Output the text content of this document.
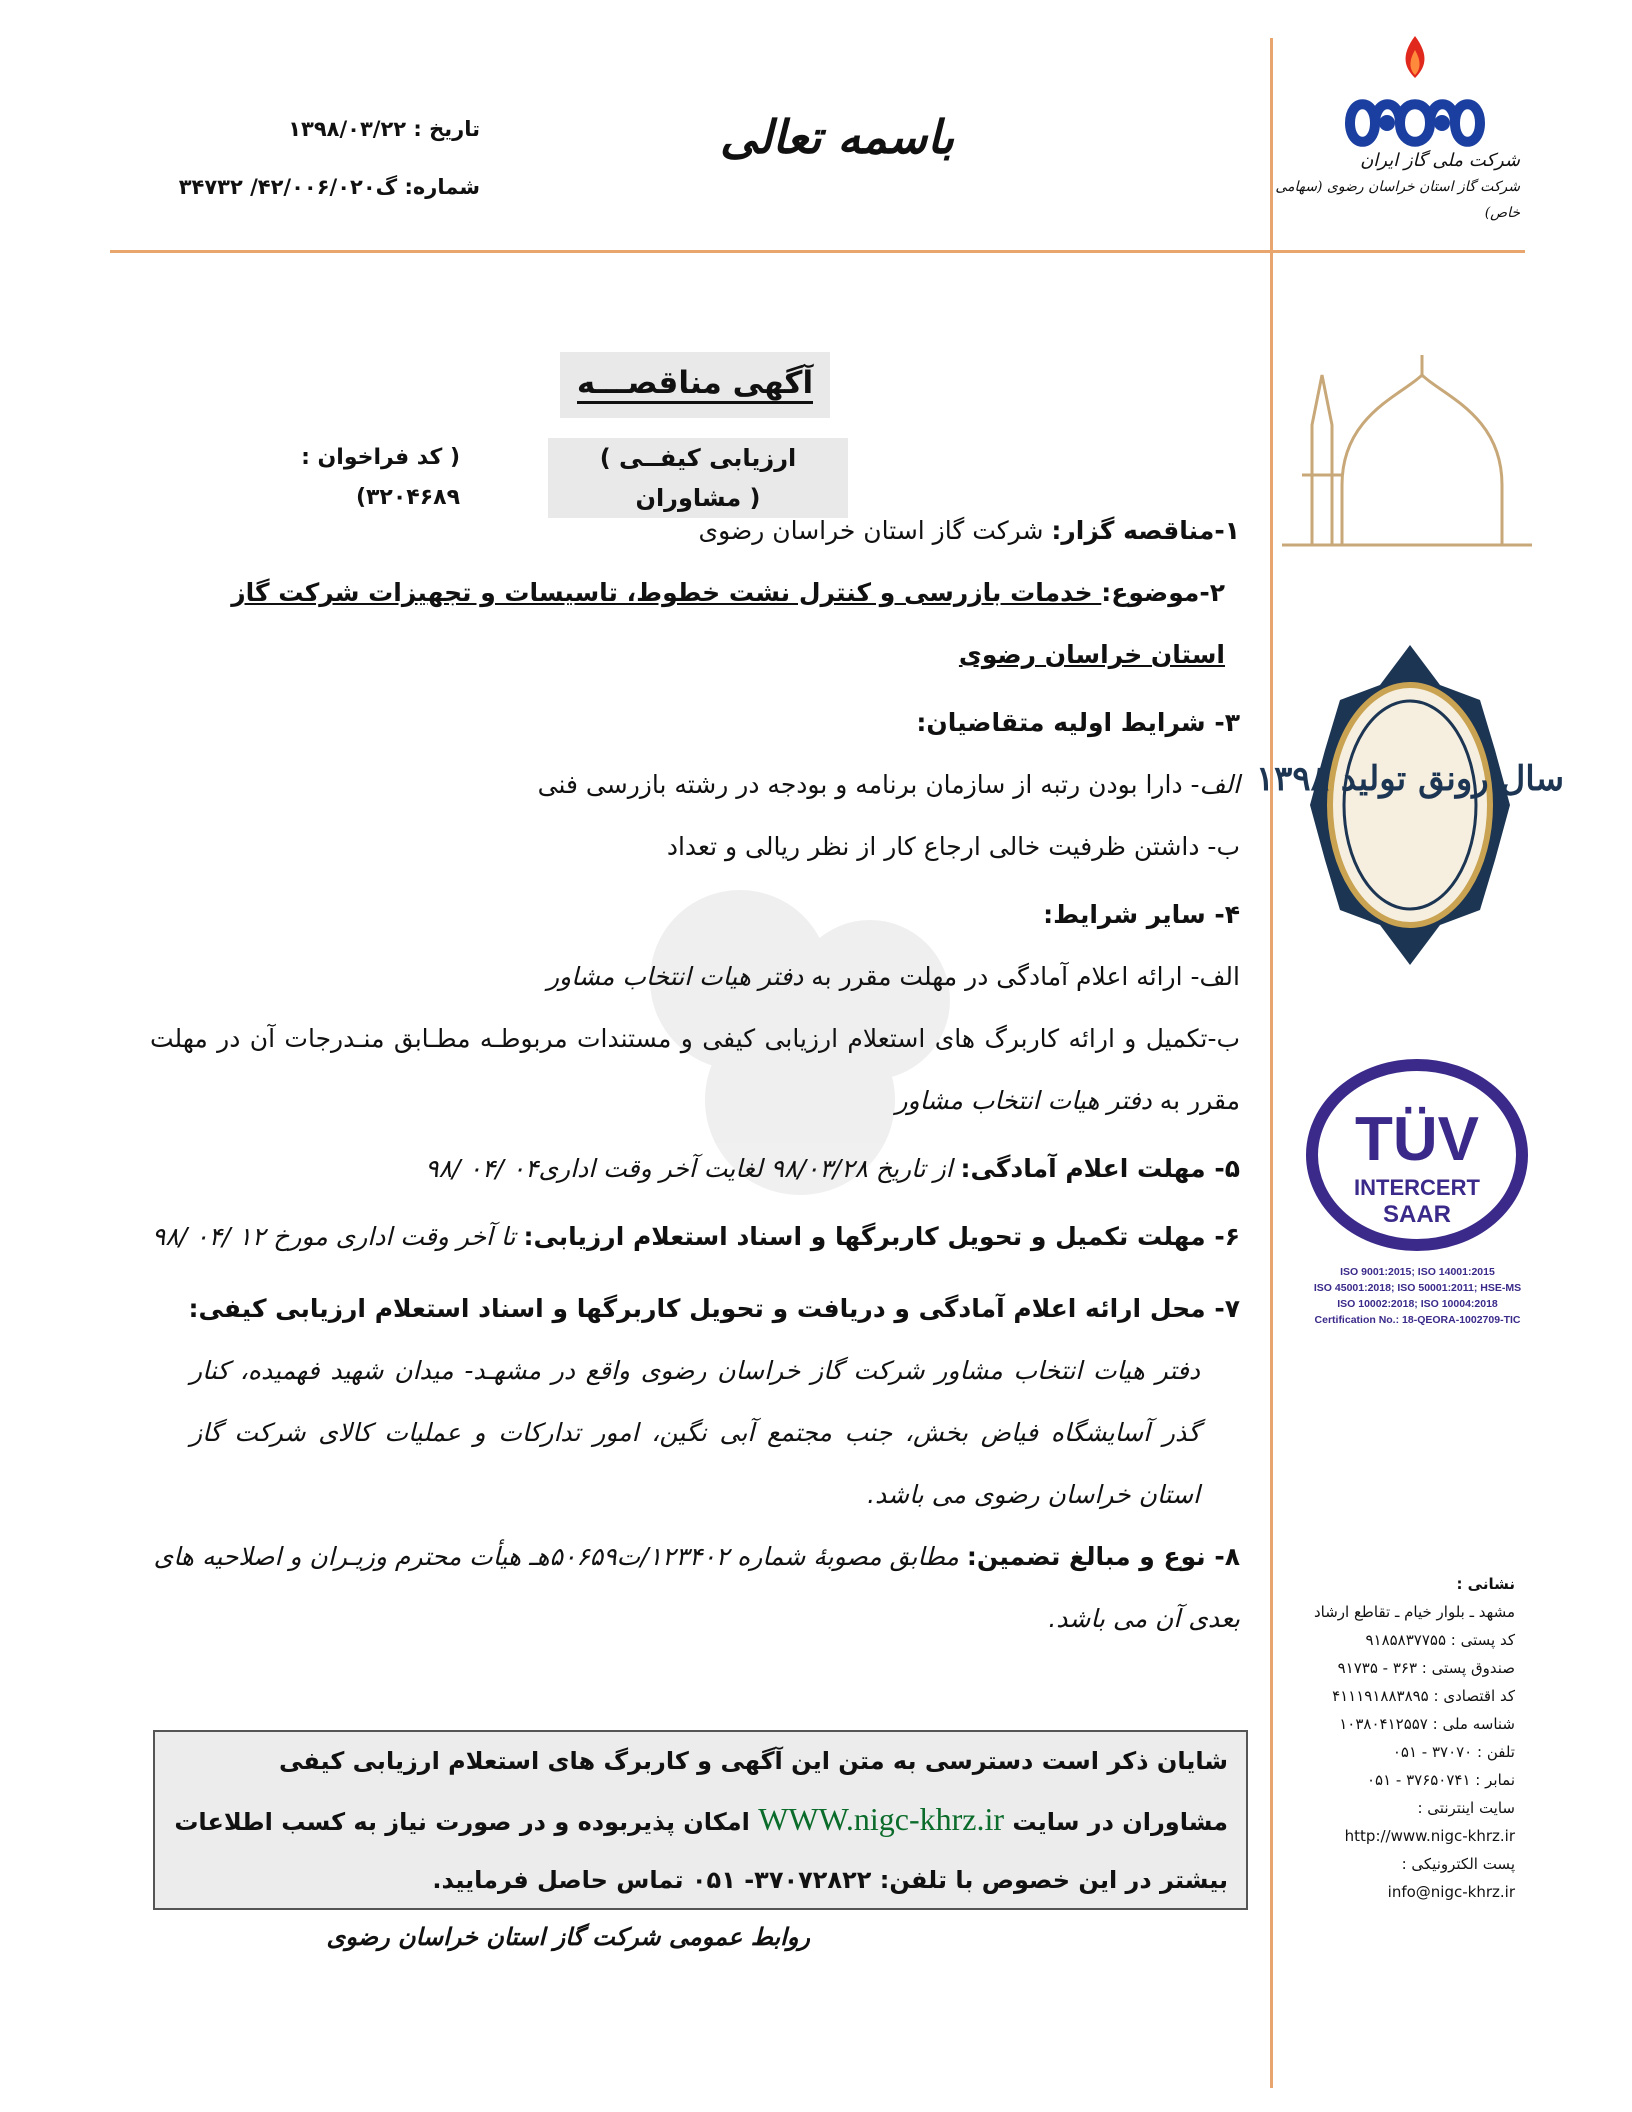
باسمه تعالی
تاریخ : ۱۳۹۸/۰۳/۲۲
شماره: گ۴۲/۰۰۶/۰۲۰/ ۳۴۷۳۲
شرکت ملی گاز ایران
شرکت گاز استان خراسان رضوی (سهامی خاص)
سال رونق تولید ۱۳۹۸
TÜV
INTERCERT
SAAR
ISO 9001:2015; ISO 14001:2015
ISO 45001:2018; ISO 50001:2011; HSE-MS
ISO 10002:2018; ISO 10004:2018
Certification No.: 18-QEORA-1002709-TIC
نشانی :
مشهد ـ بلوار خیام ـ تقاطع ارشاد
کد پستی : ۹۱۸۵۸۳۷۷۵۵
صندوق پستی : ۳۶۳ - ۹۱۷۳۵
کد اقتصادی : ۴۱۱۱۹۱۸۸۳۸۹۵
شناسه ملی : ۱۰۳۸۰۴۱۲۵۵۷
تلفن : ۳۷۰۷۰ - ۰۵۱
نمابر : ۳۷۶۵۰۷۴۱ - ۰۵۱
سایت اینترنتی :
http://www.nigc-khrz.ir
پست الکترونیکی :
info@nigc-khrz.ir
آگهی مناقصـــه
( ارزیابی کیفــی مشاوران )
( کد فراخوان : ۳۲۰۴۶۸۹)

۱-مناقصه گزار: شرکت گاز استان خراسان رضوی

۲-موضوع: خدمات بازرسی و کنترل نشت خطوط، تاسیسات و تجهیزات شرکت گاز استان خراسان رضوی

۳- شرایط اولیه متقاضیان:

الف- دارا بودن رتبه از سازمان برنامه و بودجه در رشته بازرسی فنی

ب- داشتن ظرفیت خالی ارجاع کار از نظر ریالی و تعداد

۴- سایر شرایط:

الف- ارائه اعلام آمادگی در مهلت مقرر به دفتر هیات انتخاب مشاور

ب-تکمیل و ارائه کاربرگ های استعلام ارزیابی کیفی و مستندات مربوطـه مطـابق منـدرجات آن در مهلت مقرر به دفتر هیات انتخاب مشاور

۵- مهلت اعلام آمادگی: از تاریخ ۹۸/۰۳/۲۸ لغایت آخر وقت اداری۰۴ /۰۴ /۹۸

۶- مهلت تکمیل و تحویل کاربرگها و اسناد استعلام ارزیابی: تا آخر وقت اداری مورخ ۱۲ /۰۴ /۹۸

۷- محل ارائه اعلام آمادگی و دریافت و تحویل کاربرگها و اسناد استعلام ارزیابی کیفی:

دفتر هیات انتخاب مشاور شرکت گاز خراسان رضوی واقع در مشهـد- میدان شهید فهمیده، کنار گذر آسایشگاه فیاض بخش، جنب مجتمع آبی نگین، امور تدارکات و عملیات کالای شرکت گاز استان خراسان رضوی می باشد.

۸- نوع و مبالغ تضمین: مطابق مصوبۀ شماره ۱۲۳۴۰۲/ت۵۰۶۵۹هـ هیأت محترم وزیـران و اصلاحیه های بعدی آن می باشد.

شایان ذکر است دسترسی به متن این آگهی و کاربرگ های استعلام ارزیابی کیفی مشاوران در سایت WWW.nigc-khrz.ir امکان پذیربوده و در صورت نیاز به کسب اطلاعات بیشتر در این خصوص با تلفن: ۳۷۰۷۲۸۲۲- ۰۵۱ تماس حاصل فرمایید.
روابط عمومی شرکت گاز استان خراسان رضوی
